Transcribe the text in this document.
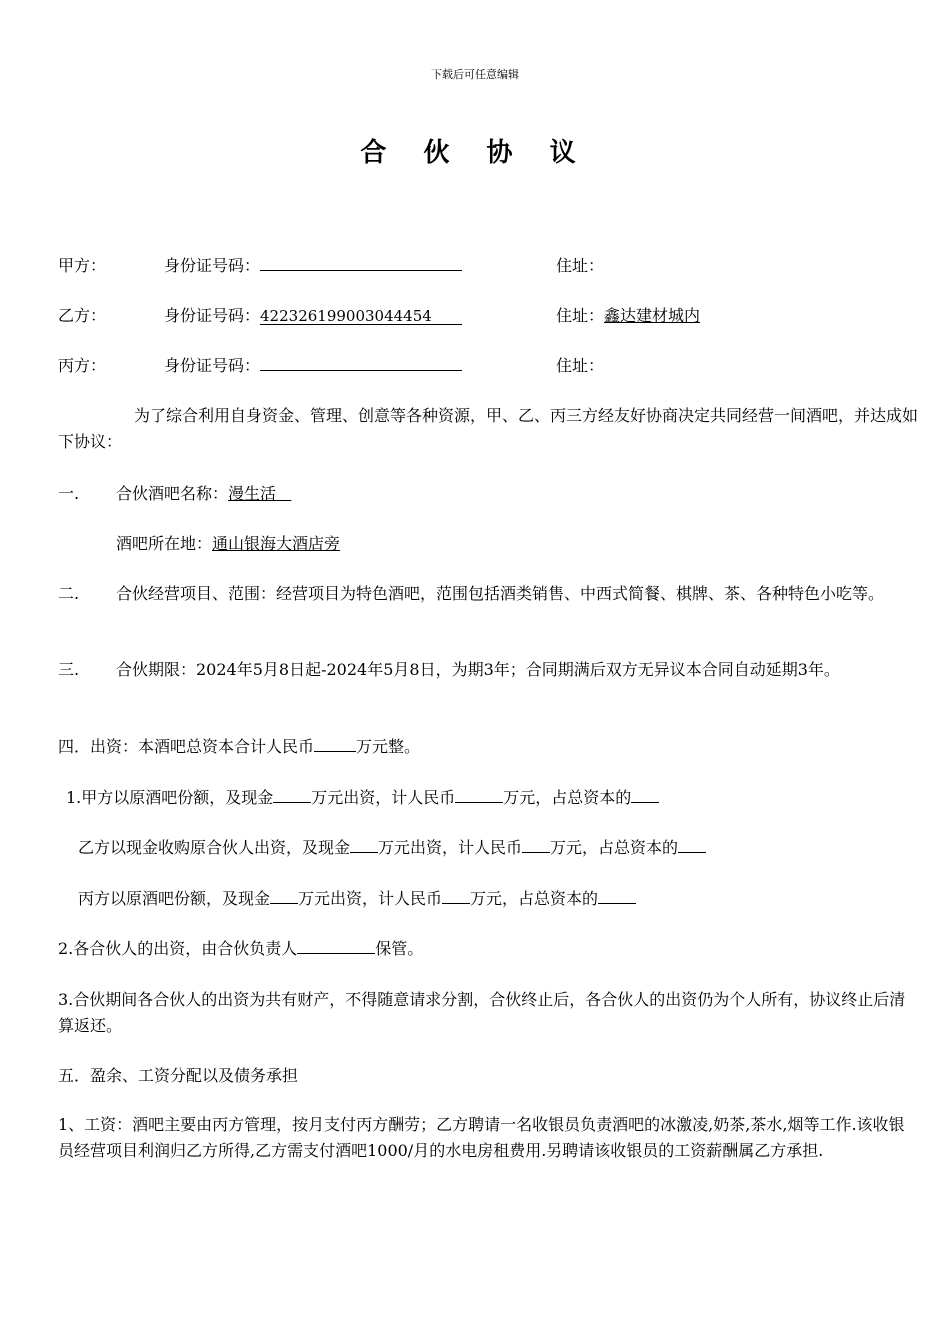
下载后可任意编辑
合 伙 协 议
甲方：	身份证号码：	住址：
乙方：	身份证号码：422326199003044454	住址：鑫达建材城内
丙方：	身份证号码：	住址：
为了综合利用自身资金、管理、创意等各种资源，甲、乙、丙三方经友好协商决定共同经营一间酒吧，并达成如下协议：
一. 合伙酒吧名称：漫生活
酒吧所在地：通山银海大酒店旁
二. 合伙经营项目、范围：经营项目为特色酒吧，范围包括酒类销售、中西式简餐、棋牌、茶、各种特色小吃等。
三. 合伙期限：2024年5月8日起-2024年5月8日，为期3年；合同期满后双方无异议本合同自动延期3年。
四．出资：本酒吧总资本合计人民币	万元整。
1.甲方以原酒吧份额，及现金 万元出资，计人民币	万元，占总资本的
乙方以现金收购原合伙人出资，及现金 万元出资，计人民币 万元，占总资本的
丙方以原酒吧份额，及现金 万元出资，计人民币 万元，占总资本的
2.各合伙人的出资，由合伙负责人	保管。
3.合伙期间各合伙人的出资为共有财产，不得随意请求分割，合伙终止后，各合伙人的出资仍为个人所有，协议终止后清算返还。
五．盈余、工资分配以及债务承担
1、工资：酒吧主要由丙方管理，按月支付丙方酬劳；乙方聘请一名收银员负责酒吧的冰激凌,奶茶,茶水,烟等工作.该收银员经营项目利润归乙方所得,乙方需支付酒吧1000/月的水电房租费用.另聘请该收银员的工资薪酬属乙方承担.
